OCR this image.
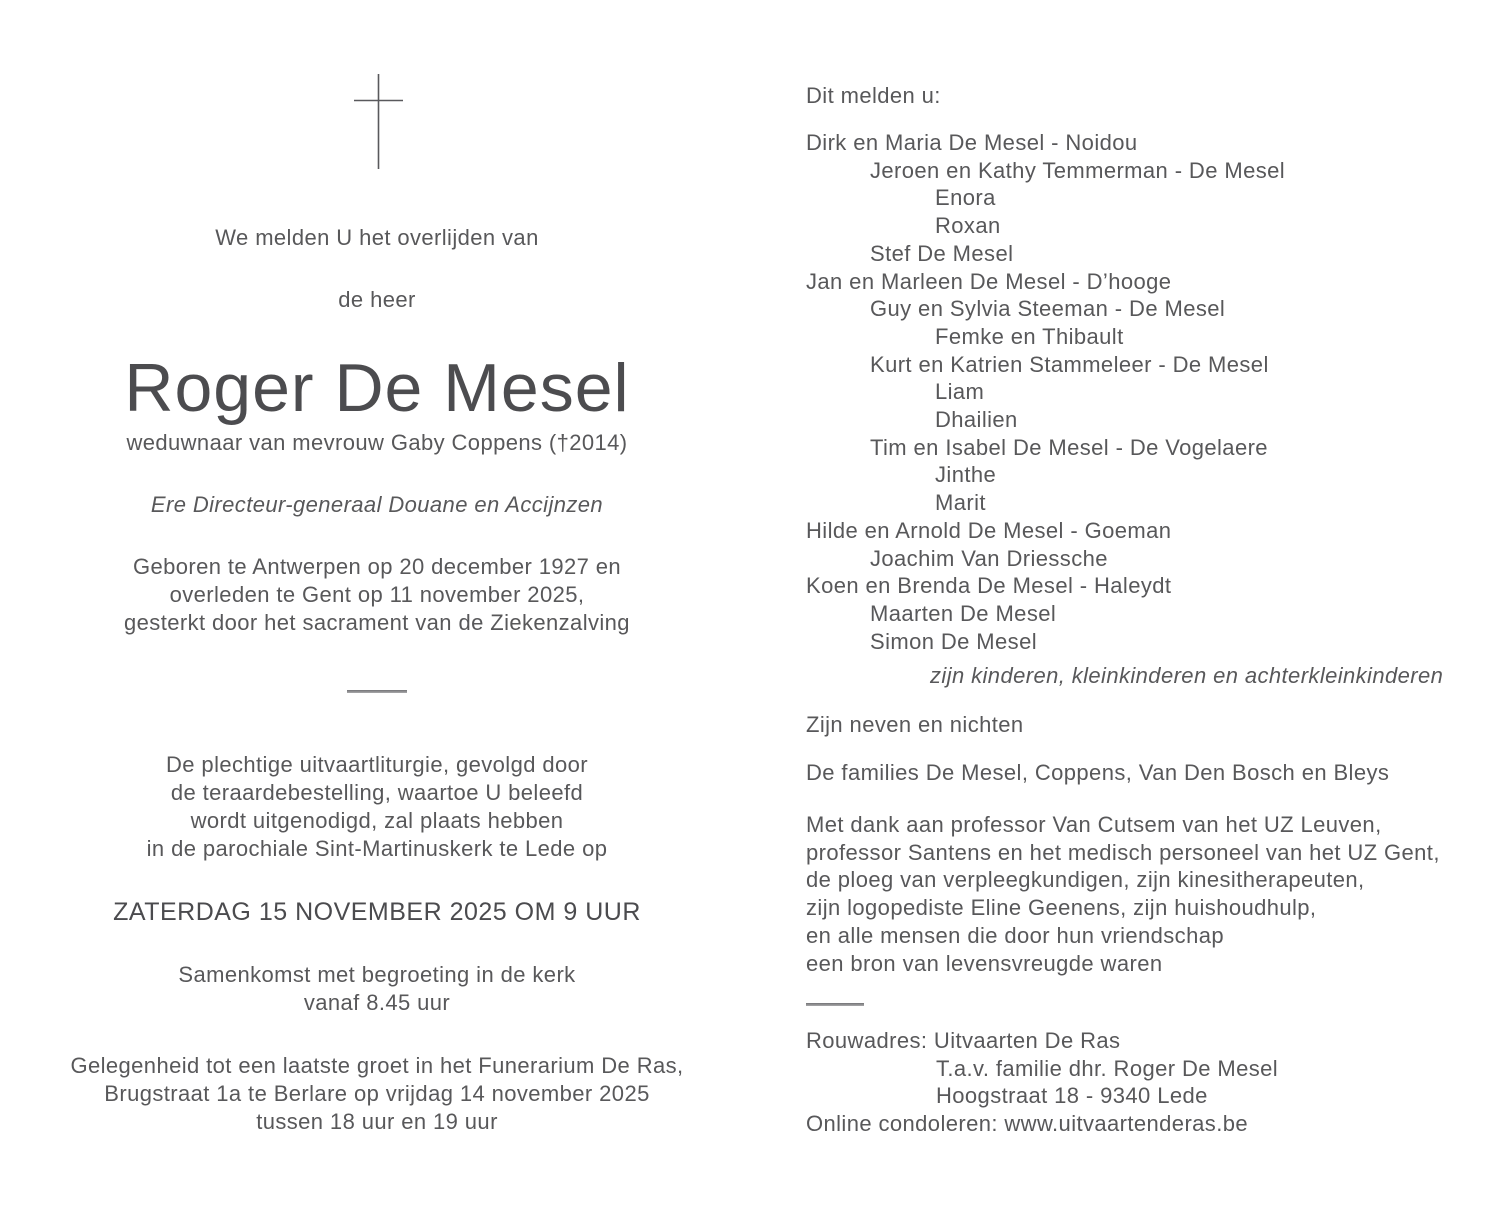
We melden U het overlijden van
de heer
Roger De Mesel
weduwnaar van mevrouw Gaby Coppens (†2014)
Ere Directeur-generaal Douane en Accijnzen
Geboren te Antwerpen op 20 december 1927 en
overleden te Gent op 11 november 2025,
gesterkt door het sacrament van de Ziekenzalving
De plechtige uitvaartliturgie, gevolgd door
de teraardebestelling, waartoe U beleefd
wordt uitgenodigd, zal plaats hebben
in de parochiale Sint-Martinuskerk te Lede op
ZATERDAG 15 NOVEMBER 2025 OM 9 UUR
Samenkomst met begroeting in de kerk
vanaf 8.45 uur
Gelegenheid tot een laatste groet in het Funerarium De Ras,
Brugstraat 1a te Berlare op vrijdag 14 november 2025
tussen 18 uur en 19 uur
Dit melden u:
Dirk en Maria De Mesel - Noidou
Jeroen en Kathy Temmerman - De Mesel
Enora
Roxan
Stef De Mesel
Jan en Marleen De Mesel - D’hooge
Guy en Sylvia Steeman - De Mesel
Femke en Thibault
Kurt en Katrien Stammeleer - De Mesel
Liam
Dhailien
Tim en Isabel De Mesel - De Vogelaere
Jinthe
Marit
Hilde en Arnold De Mesel - Goeman
Joachim Van Driessche
Koen en Brenda De Mesel - Haleydt
Maarten De Mesel
Simon De Mesel
zijn kinderen, kleinkinderen en achterkleinkinderen
Zijn neven en nichten
De families De Mesel, Coppens, Van Den Bosch en Bleys
Met dank aan professor Van Cutsem van het UZ Leuven,
professor Santens en het medisch personeel van het UZ Gent,
de ploeg van verpleegkundigen, zijn kinesitherapeuten,
zijn logopediste Eline Geenens, zijn huishoudhulp,
en alle mensen die door hun vriendschap
een bron van levensvreugde waren
Rouwadres: Uitvaarten De Ras
T.a.v. familie dhr. Roger De Mesel
Hoogstraat 18 - 9340 Lede
Online condoleren: www.uitvaartenderas.be
